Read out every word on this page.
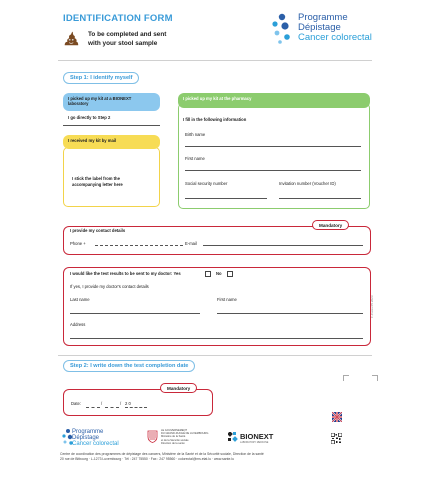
IDENTIFICATION FORM
To be completed and sent
with your stool sample
Programme
Dépistage
Cancer colorectal
Step 1: I identify myself
I picked up my kit at a BIONEXT
laboratory
I go directly to Step 2
I received my kit by mail
I stick the label from the
accompanying letter here
I picked up my kit at the pharmacy
I fill in the following information
Birth name
First name
Social security number	Invitation number (Voucher ID)
Mandatory
I provide my contact details
Phone +	E-mail
I would like the test results to be sent to my doctor: Yes	No
If yes, I provide my doctor's contact details
Last name	First name
Address
F-Cores 05.2023
Step 2: I write down the test completion date
Mandatory
Date:	/	/ 2 0
Programme
Dépistage
Cancer colorectal
LE GOUVERNEMENT
DU GRAND-DUCHÉ DE LUXEMBOURG
Ministère de la Santé
et de la Sécurité sociale
Direction de la santé
BIONEXT
LABORATORY MEDICINE
Centre de coordination des programmes de dépistage des cancers, Ministère de la Santé et de la Sécurité sociale, Direction de la santé
20 rue de Bitbourg · L-1273 Luxembourg · Tél : 247 75550 · Fax : 247 95560 · colorectal@ms.etat.lu · www.sante.lu
